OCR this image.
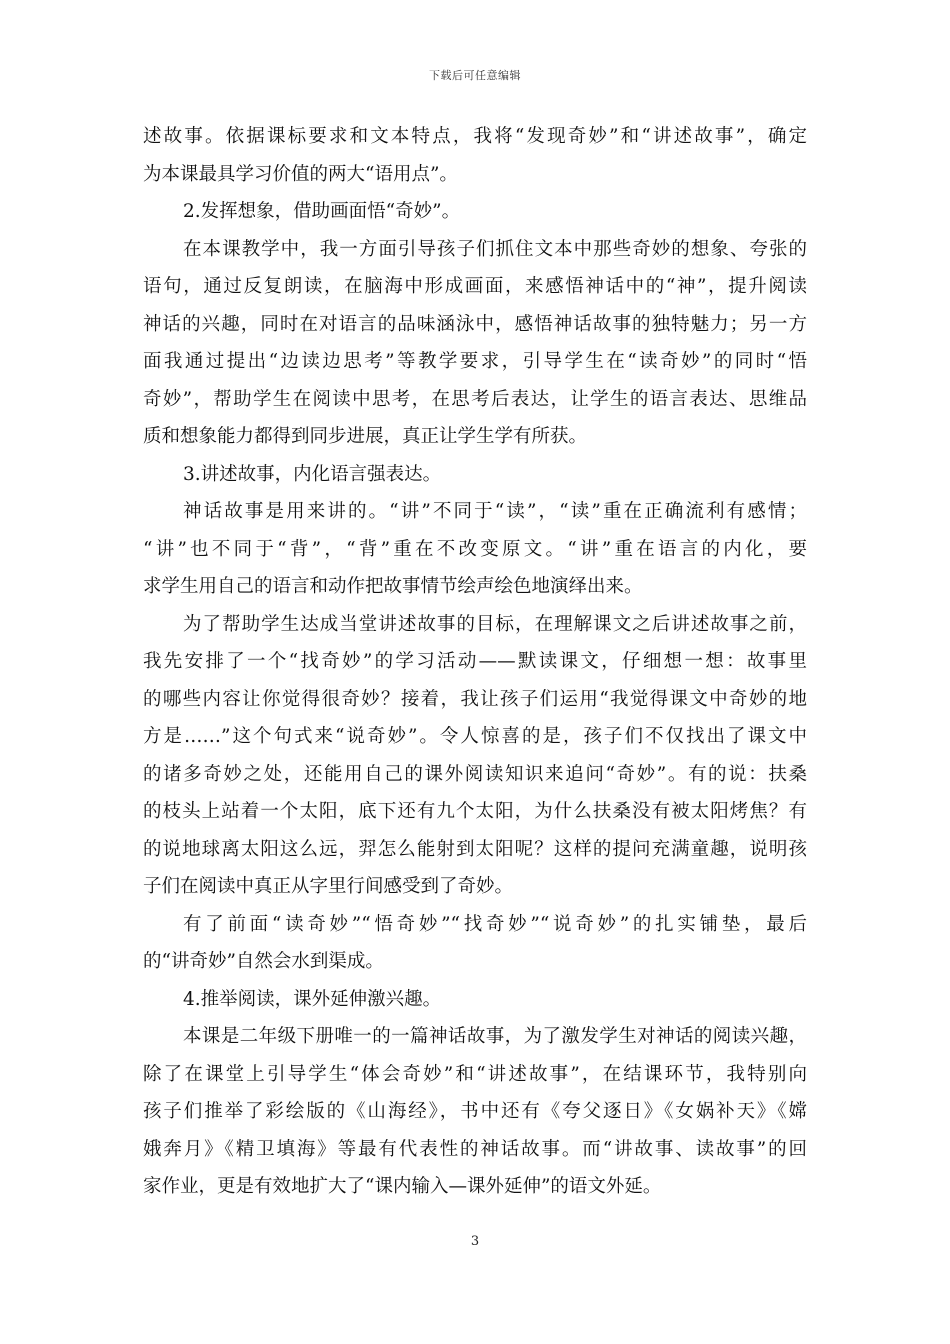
下载后可任意编辑
述故事。依据课标要求和文本特点，我将“发现奇妙”和“讲述故事”，确定
为本课最具学习价值的两大“语用点”。
2.发挥想象，借助画面悟“奇妙”。
在本课教学中，我一方面引导孩子们抓住文本中那些奇妙的想象、夸张的
语句，通过反复朗读，在脑海中形成画面，来感悟神话中的“神”，提升阅读
神话的兴趣，同时在对语言的品味涵泳中，感悟神话故事的独特魅力；另一方
面我通过提出“边读边思考”等教学要求，引导学生在“读奇妙”的同时“悟
奇妙”，帮助学生在阅读中思考，在思考后表达，让学生的语言表达、思维品
质和想象能力都得到同步进展，真正让学生学有所获。
3.讲述故事，内化语言强表达。
神话故事是用来讲的。“讲”不同于“读”，“读”重在正确流利有感情；
“讲”也不同于“背”，“背”重在不改变原文。“讲”重在语言的内化，要
求学生用自己的语言和动作把故事情节绘声绘色地演绎出来。
为了帮助学生达成当堂讲述故事的目标，在理解课文之后讲述故事之前，
我先安排了一个“找奇妙”的学习活动——默读课文，仔细想一想：故事里
的哪些内容让你觉得很奇妙？接着，我让孩子们运用“我觉得课文中奇妙的地
方是……”这个句式来“说奇妙”。令人惊喜的是，孩子们不仅找出了课文中
的诸多奇妙之处，还能用自己的课外阅读知识来追问“奇妙”。有的说：扶桑
的枝头上站着一个太阳，底下还有九个太阳，为什么扶桑没有被太阳烤焦？有
的说地球离太阳这么远，羿怎么能射到太阳呢？这样的提问充满童趣，说明孩
子们在阅读中真正从字里行间感受到了奇妙。
有了前面“读奇妙”“悟奇妙”“找奇妙”“说奇妙”的扎实铺垫，最后
的“讲奇妙”自然会水到渠成。
4.推举阅读，课外延伸激兴趣。
本课是二年级下册唯一的一篇神话故事，为了激发学生对神话的阅读兴趣，
除了在课堂上引导学生“体会奇妙”和“讲述故事”，在结课环节，我特别向
孩子们推举了彩绘版的《山海经》，书中还有《夸父逐日》《女娲补天》《嫦
娥奔月》《精卫填海》等最有代表性的神话故事。而“讲故事、读故事”的回
家作业，更是有效地扩大了“课内输入—课外延伸”的语文外延。
3
